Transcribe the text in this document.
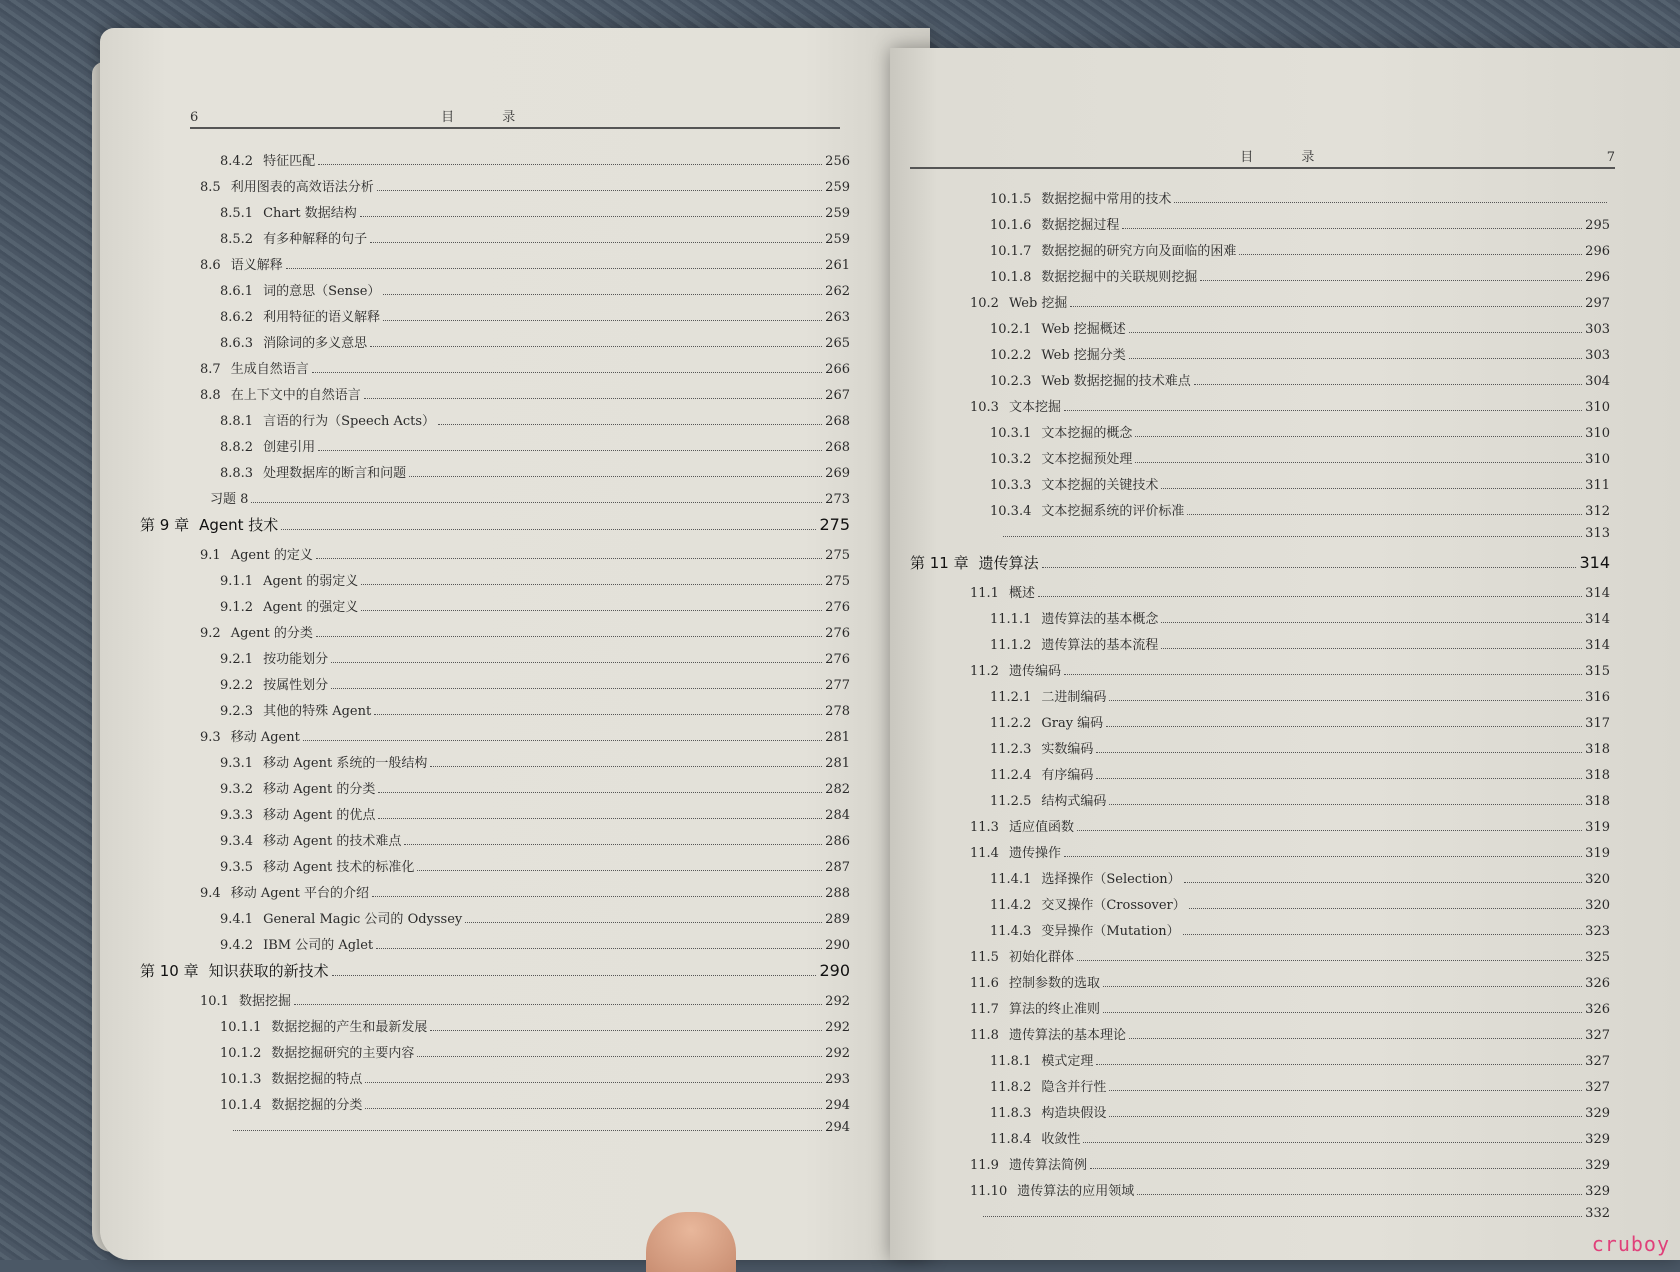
6	目 录
8.4.2 特征匹配	256
8.5 利用图表的高效语法分析	259
8.5.1 Chart 数据结构	259
8.5.2 有多种解释的句子	259
8.6 语义解释	261
8.6.1 词的意思（Sense）	262
8.6.2 利用特征的语义解释	263
8.6.3 消除词的多义意思	265
8.7 生成自然语言	266
8.8 在上下文中的自然语言	267
8.8.1 言语的行为（Speech Acts）	268
8.8.2 创建引用	268
8.8.3 处理数据库的断言和问题	269
习题 8	273
第 9 章 Agent 技术	275
9.1 Agent 的定义	275
9.1.1 Agent 的弱定义	275
9.1.2 Agent 的强定义	276
9.2 Agent 的分类	276
9.2.1 按功能划分	276
9.2.2 按属性划分	277
9.2.3 其他的特殊 Agent	278
9.3 移动 Agent	281
9.3.1 移动 Agent 系统的一般结构	281
9.3.2 移动 Agent 的分类	282
9.3.3 移动 Agent 的优点	284
9.3.4 移动 Agent 的技术难点	286
9.3.5 移动 Agent 技术的标准化	287
9.4 移动 Agent 平台的介绍	288
9.4.1 General Magic 公司的 Odyssey	289
9.4.2 IBM 公司的 Aglet	290
第 10 章 知识获取的新技术	290
10.1 数据挖掘	292
10.1.1 数据挖掘的产生和最新发展	292
10.1.2 数据挖掘研究的主要内容	292
10.1.3 数据挖掘的特点	293
10.1.4 数据挖掘的分类	294
294
目 录	7
10.1.5 数据挖掘中常用的技术
10.1.6 数据挖掘过程	295
10.1.7 数据挖掘的研究方向及面临的困难	296
10.1.8 数据挖掘中的关联规则挖掘	296
10.2 Web 挖掘	297
10.2.1 Web 挖掘概述	303
10.2.2 Web 挖掘分类	303
10.2.3 Web 数据挖掘的技术难点	304
10.3 文本挖掘	310
10.3.1 文本挖掘的概念	310
10.3.2 文本挖掘预处理	310
10.3.3 文本挖掘的关键技术	311
10.3.4 文本挖掘系统的评价标准	312
313
第 11 章 遗传算法	314
11.1 概述	314
11.1.1 遗传算法的基本概念	314
11.1.2 遗传算法的基本流程	314
11.2 遗传编码	315
11.2.1 二进制编码	316
11.2.2 Gray 编码	317
11.2.3 实数编码	318
11.2.4 有序编码	318
11.2.5 结构式编码	318
11.3 适应值函数	319
11.4 遗传操作	319
11.4.1 选择操作（Selection）	320
11.4.2 交叉操作（Crossover）	320
11.4.3 变异操作（Mutation）	323
11.5 初始化群体	325
11.6 控制参数的选取	326
11.7 算法的终止准则	326
11.8 遗传算法的基本理论	327
11.8.1 模式定理	327
11.8.2 隐含并行性	327
11.8.3 构造块假设	329
11.8.4 收敛性	329
11.9 遗传算法简例	329
11.10 遗传算法的应用领域	329
332
cruboy
